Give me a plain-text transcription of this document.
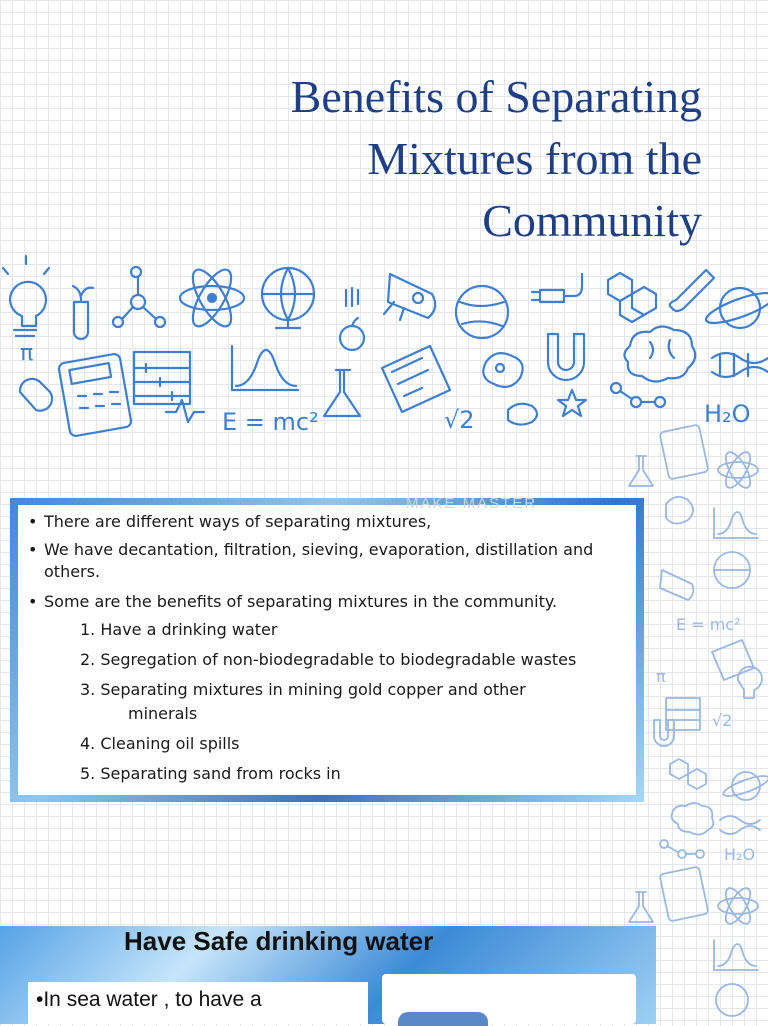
Benefits of Separating
Mixtures from the
Community
π
E = mc²	√2	H₂O
E = mc²
π
√2
H₂O
MAKE MASTER
• There are different ways of separating mixtures,
• We have decantation, filtration, sieving, evaporation, distillation and others.
• Some are the benefits of separating mixtures in the community.
1. Have a drinking water
2. Segregation of non-biodegradable to biodegradable wastes
3. Separating mixtures in mining gold copper and other
minerals
4. Cleaning oil spills
5. Separating sand from rocks in
Have Safe drinking water
•In sea water , to have a
